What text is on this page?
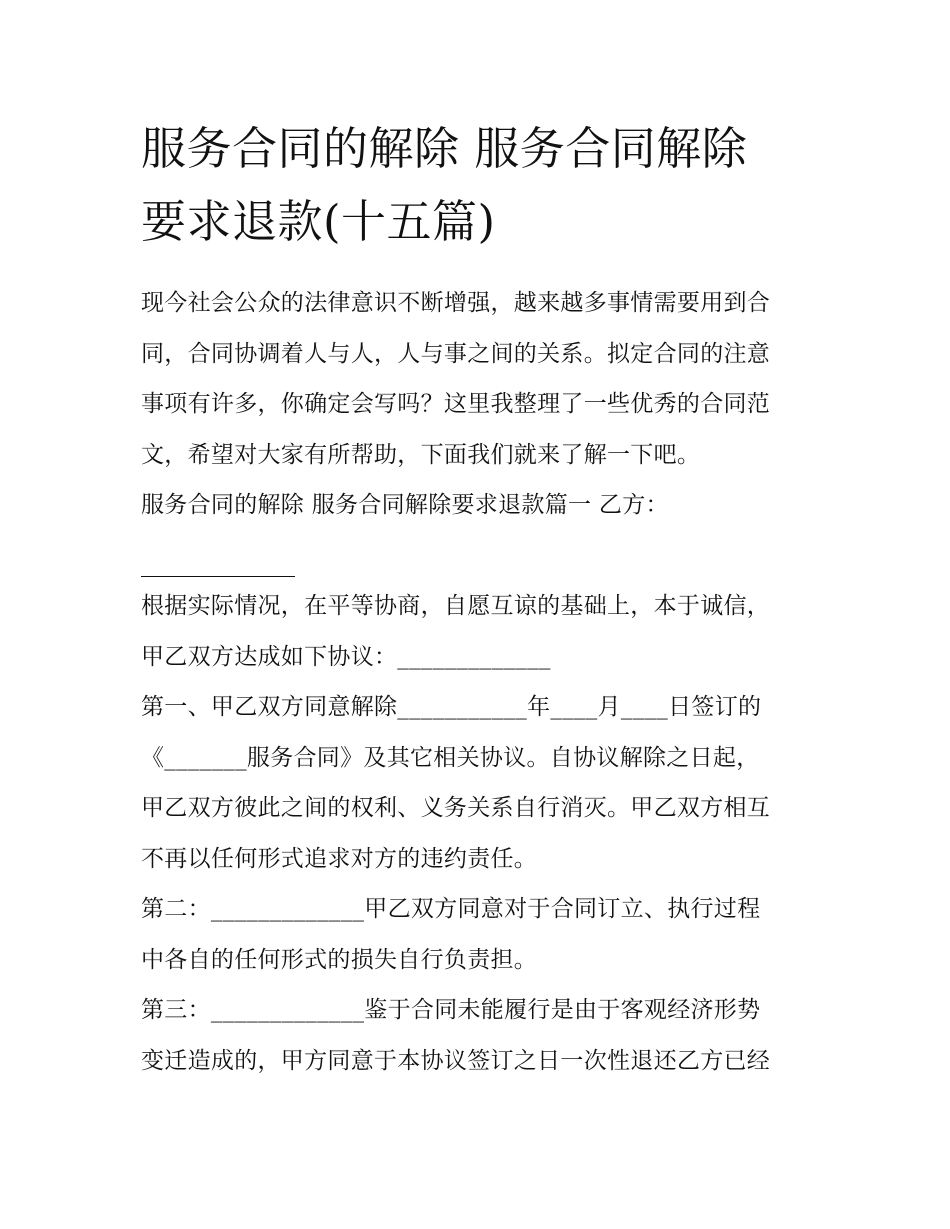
服务合同的解除 服务合同解除
要求退款(十五篇)
现今社会公众的法律意识不断增强，越来越多事情需要用到合
同，合同协调着人与人，人与事之间的关系。拟定合同的注意
事项有许多，你确定会写吗？这里我整理了一些优秀的合同范
文，希望对大家有所帮助，下面我们就来了解一下吧。
服务合同的解除 服务合同解除要求退款篇一 乙方：
根据实际情况，在平等协商，自愿互谅的基础上，本于诚信，
甲乙双方达成如下协议：_____________
第一、甲乙双方同意解除___________年____月____日签订的
《_______服务合同》及其它相关协议。自协议解除之日起，
甲乙双方彼此之间的权利、义务关系自行消灭。甲乙双方相互
不再以任何形式追求对方的违约责任。
第二：_____________甲乙双方同意对于合同订立、执行过程
中各自的任何形式的损失自行负责担。
第三：_____________鉴于合同未能履行是由于客观经济形势
变迁造成的，甲方同意于本协议签订之日一次性退还乙方已经
